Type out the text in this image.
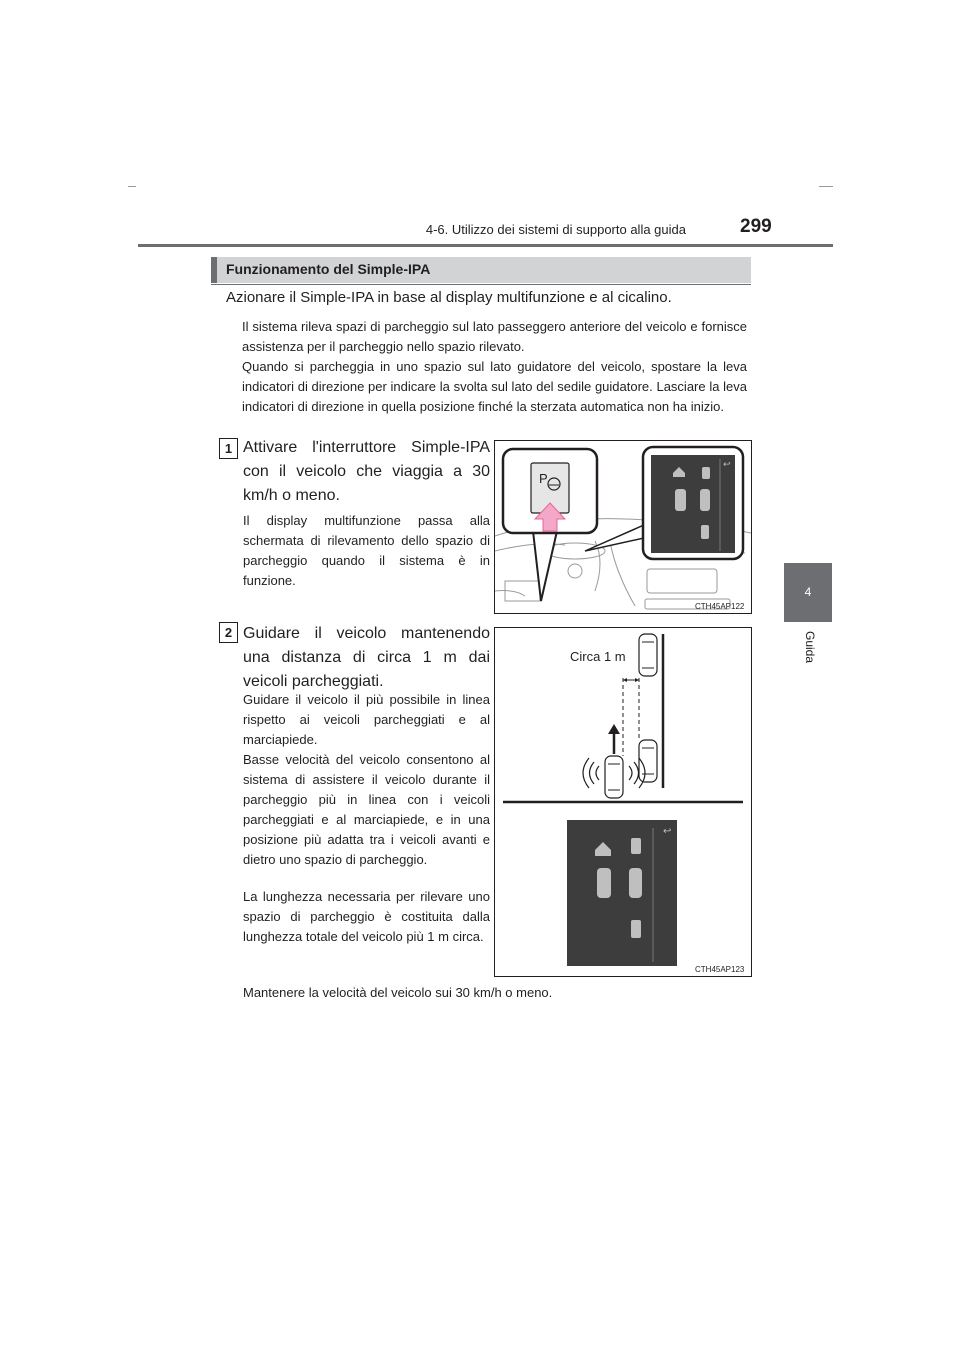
4-6. Utilizzo dei sistemi di supporto alla guida	299
4
Guida
Funzionamento del Simple-IPA
Azionare il Simple-IPA in base al display multifunzione e al cicalino.
Il sistema rileva spazi di parcheggio sul lato passeggero anteriore del veicolo e fornisce assistenza per il parcheggio nello spazio rilevato.
Quando si parcheggia in uno spazio sul lato guidatore del veicolo, spostare la leva indicatori di direzione per indicare la svolta sul lato del sedile guidatore. Lasciare la leva indicatori di direzione in quella posizione finché la sterzata automatica non ha inizio.
1 Attivare l'interruttore Simple-IPA con il veicolo che viaggia a 30 km/h o meno.
Il display multifunzione passa alla schermata di rilevamento dello spazio di parcheggio quando il sistema è in funzione.
P
↩
CTH45AP122
2 Guidare il veicolo mantenendo una distanza di circa 1 m dai veicoli parcheggiati.
Guidare il veicolo il più possibile in linea rispetto ai veicoli parcheggiati e al marciapiede.
Basse velocità del veicolo consentono al sistema di assistere il veicolo durante il parcheggio più in linea con i veicoli parcheggiati e al marciapiede, e in una posizione più adatta tra i veicoli avanti e dietro uno spazio di parcheggio.
La lunghezza necessaria per rilevare uno spazio di parcheggio è costituita dalla lunghezza totale del veicolo più 1 m circa.
↩
Circa 1 m
CTH45AP123
Mantenere la velocità del veicolo sui 30 km/h o meno.
